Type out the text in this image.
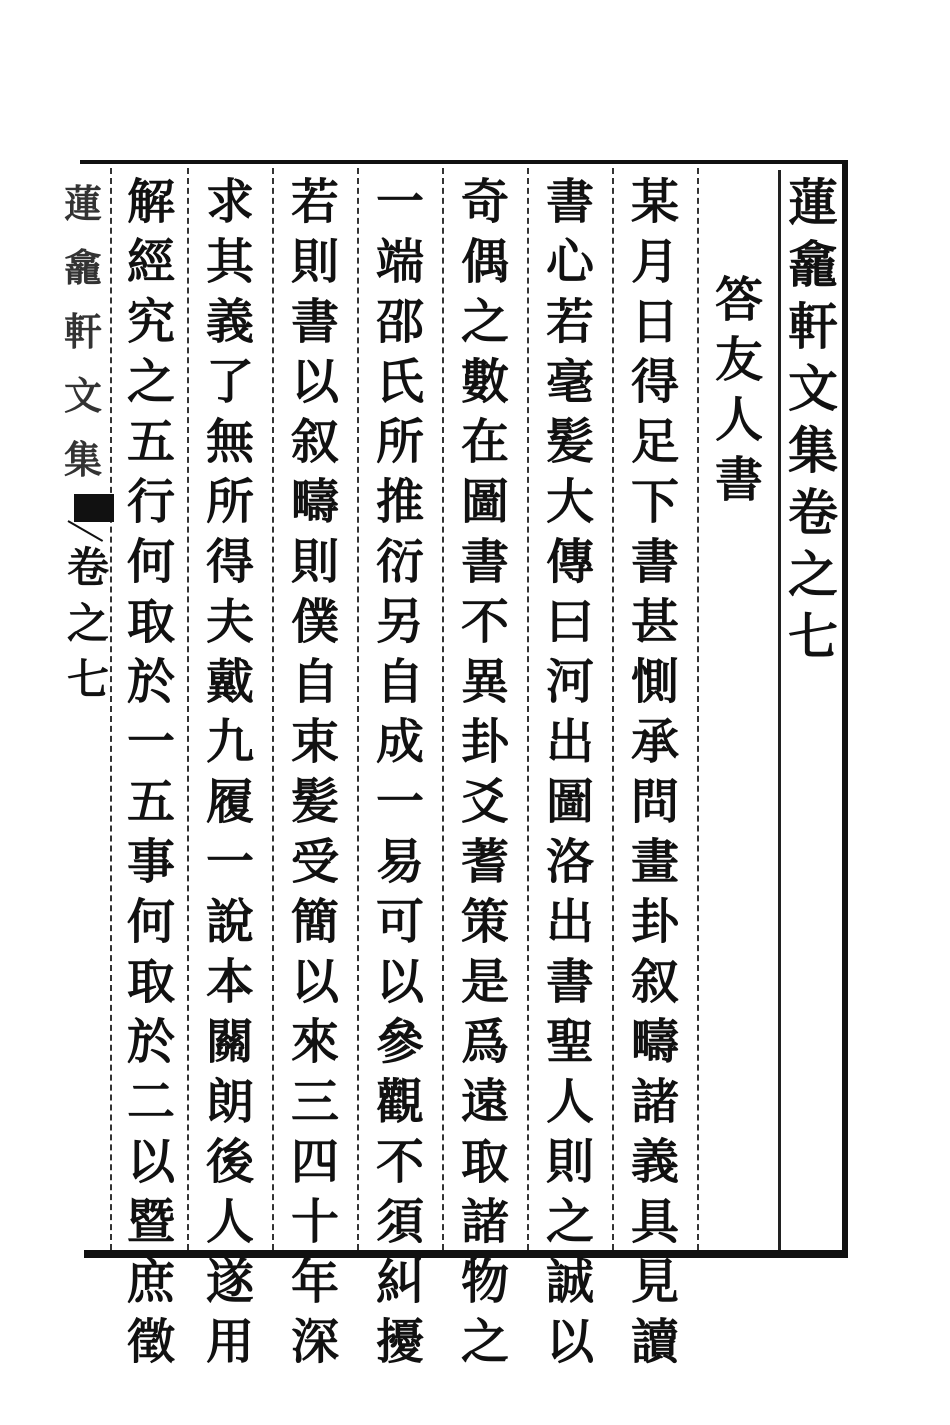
蓮
龕
軒
文
集
卷
之
七
答
友
人
書
某
月
日
得
足
下
書
甚
惻
承
問
畫
卦
叙
疇
諸
義
具
見
讀
書
心
若
毫
髪
大
傳
曰
河
出
圖
洛
出
書
聖
人
則
之
誠
以
奇
偶
之
數
在
圖
書
不
異
卦
爻
蓍
策
是
爲
遠
取
諸
物
之
一
端
邵
氏
所
推
衍
另
自
成
一
易
可
以
參
觀
不
須
糾
擾
若
則
書
以
叙
疇
則
僕
自
束
髪
受
簡
以
來
三
四
十
年
深
求
其
義
了
無
所
得
夫
戴
九
履
一
說
本
關
朗
後
人
遂
用
解
經
究
之
五
行
何
取
於
一
五
事
何
取
於
二
以
暨
庶
徵
蓮
龕
軒
文
集
卷
之
七
